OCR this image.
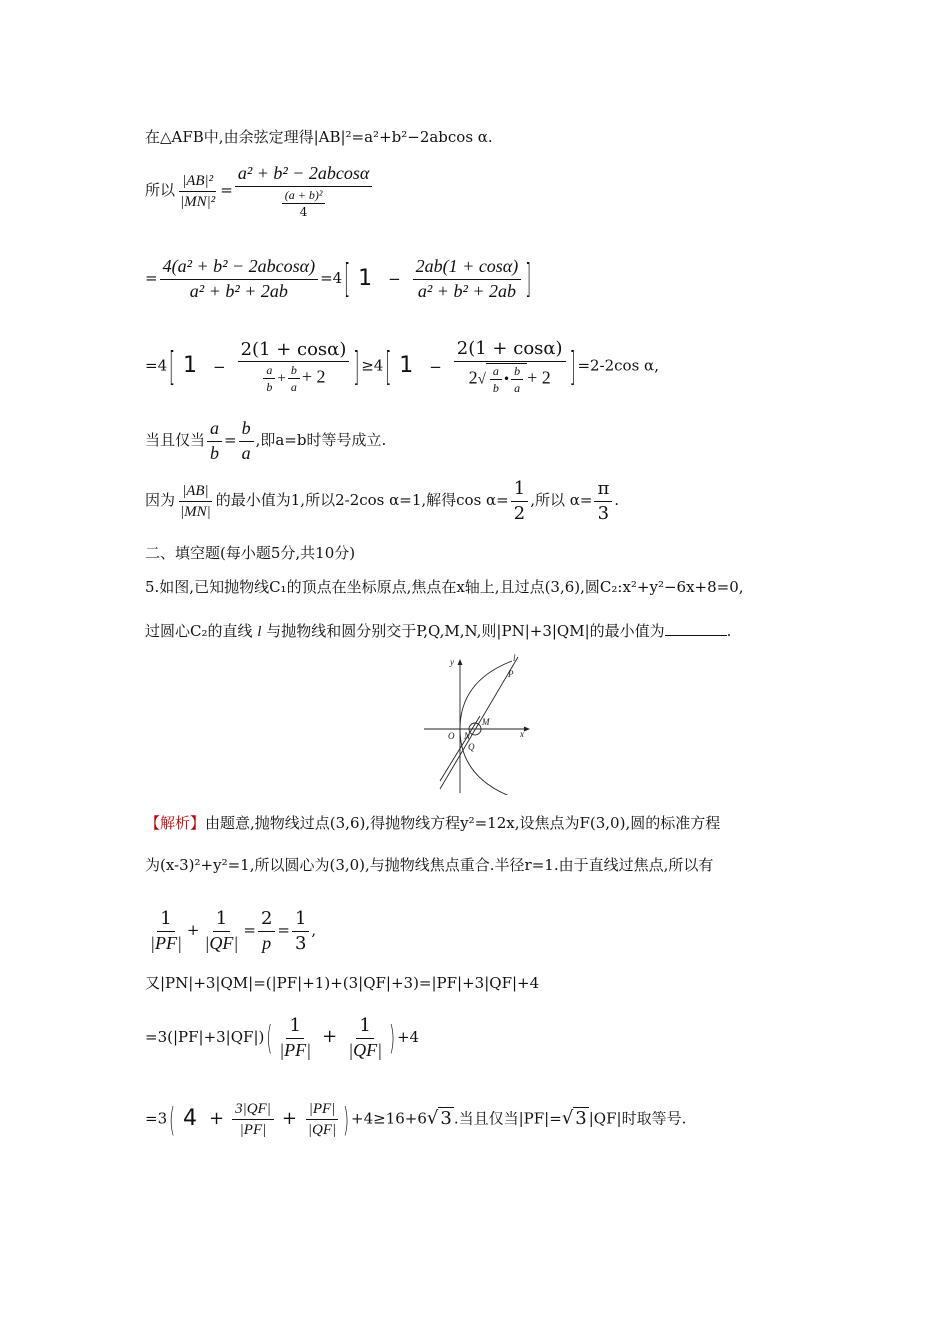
在△AFB中,由余弦定理得|AB|²=a²+b²−2abcos α.
所以 $\frac{\text{|AB|²}}{\text{|MN|²}} = \frac{\text{a² + b² − 2abcosα}}{\frac{\text{(a + b)²}}{4}}$
= $\frac{\text{4(a² + b² − 2abcosα)}}{\text{a² + b² + 2ab}} =4$ [ $1 - \frac{2ab(1 + \cos\alpha)}{\text{a² + b² + 2ab}}$ ]
=4 [ $1 - \frac{2(1 + \cos\alpha)}{\frac{a}{b} + \frac{b}{a} + 2}$ ] ≥4 [ $1 - \frac{2(1 + \cos\alpha)}{2√ \frac{a}{b} • \frac{b}{a} + 2}$ ] =2-2cos α,
当且仅当 $\frac{a}{b} = \frac{b}{a}$ ,即a=b时等号成立.
因为 $\frac{|AB|}{|MN|}$ 的最小值为1,所以2-2cos α=1,解得$\cos \alpha= \frac{1}{2}$ ,所以 $\alpha= \frac{\pi}{3}$ .
二、填空题(每小题5分,共10分)
5.如图,已知抛物线C₁的顶点在坐标原点,焦点在x轴上,且过点(3,6),圆C₂:x²+y²−6x+8=0,
过圆心C₂的直线 l 与抛物线和圆分别交于P,Q,M,N,则|PN|+3|QM|的最小值为	.
y	l
P
M
O N
Q
x
【解析】由题意,抛物线过点(3,6),得抛物线方程y²=12x,设焦点为F(3,0),圆的标准方程
为(x-3)²+y²=1,所以圆心为(3,0),与抛物线焦点重合.半径r=1.由于直线过焦点,所以有
$\frac{1}{|PF|} + \frac{1}{|QF|} = \frac{2}{p} = \frac{1}{3}$ ,
又|PN|+3|QM|=(|PF|+1)+(3|QF|+3)=|PF|+3|QF|+4
=3(|PF|+3|QF|) ( $\frac{1}{|PF|} + \frac{1}{|QF|}$ ) +4
=3 ( $4 + \frac{3|QF|}{|PF|} + \frac{|PF|}{|QF|}$ ) +4≥16+6√ 3 .当且仅当|PF|=√ 3 |QF|时取等号.
